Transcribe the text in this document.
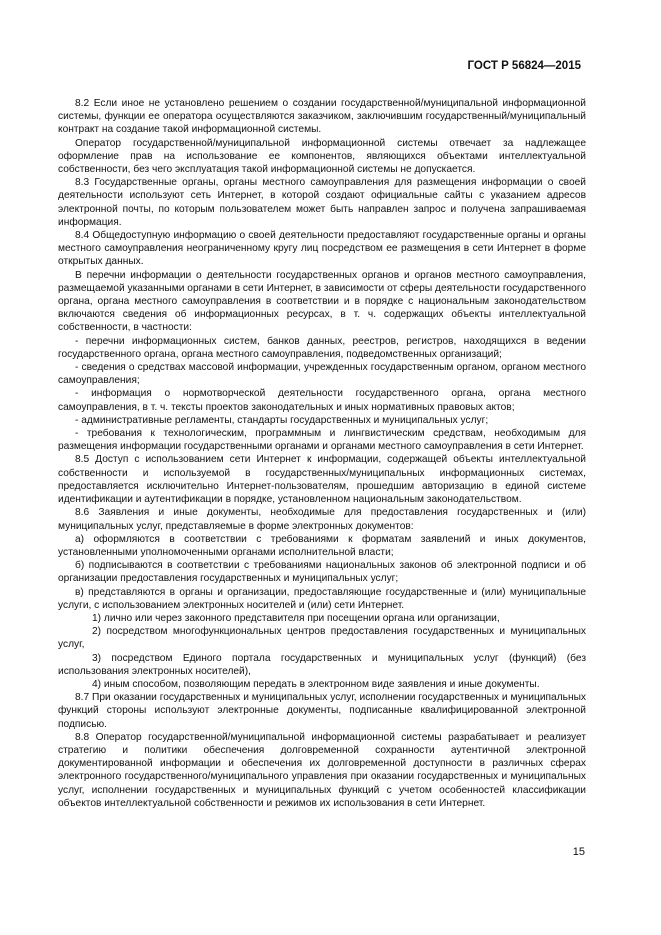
ГОСТ Р 56824—2015

8.2 Если иное не установлено решением о создании государственной/муниципальной информационной системы, функции ее оператора осуществляются заказчиком, заключившим государственный/муниципальный контракт на создание такой информационной системы.

Оператор государственной/муниципальной информационной системы отвечает за надлежащее оформление прав на использование ее компонентов, являющихся объектами интеллектуальной собственности, без чего эксплуатация такой информационной системы не допускается.

8.3 Государственные органы, органы местного самоуправления для размещения информации о своей деятельности используют сеть Интернет, в которой создают официальные сайты с указанием адресов электронной почты, по которым пользователем может быть направлен запрос и получена запрашиваемая информация.

8.4 Общедоступную информацию о своей деятельности предоставляют государственные органы и органы местного самоуправления неограниченному кругу лиц посредством ее размещения в сети Интернет в форме открытых данных.

В перечни информации о деятельности государственных органов и органов местного самоуправления, размещаемой указанными органами в сети Интернет, в зависимости от сферы деятельности государственного органа, органа местного самоуправления в соответствии и в порядке с национальным законодательством включаются сведения об информационных ресурсах, в т. ч. содержащих объекты интеллектуальной собственности, в частности:

- перечни информационных систем, банков данных, реестров, регистров, находящихся в ведении государственного органа, органа местного самоуправления, подведомственных организаций;

- сведения о средствах массовой информации, учрежденных государственным органом, органом местного самоуправления;

- информация о нормотворческой деятельности государственного органа, органа местного самоуправления, в т. ч. тексты проектов законодательных и иных нормативных правовых актов;

- административные регламенты, стандарты государственных и муниципальных услуг;

- требования к технологическим, программным и лингвистическим средствам, необходимым для размещения информации государственными органами и органами местного самоуправления в сети Интернет.

8.5 Доступ с использованием сети Интернет к информации, содержащей объекты интеллектуальной собственности и используемой в государственных/муниципальных информационных системах, предоставляется исключительно Интернет-пользователям, прошедшим авторизацию в единой системе идентификации и аутентификации в порядке, установленном национальным законодательством.

8.6 Заявления и иные документы, необходимые для предоставления государственных и (или) муниципальных услуг, представляемые в форме электронных документов:

а) оформляются в соответствии с требованиями к форматам заявлений и иных документов, установленными уполномоченными органами исполнительной власти;

б) подписываются в соответствии с требованиями национальных законов об электронной подписи и об организации предоставления государственных и муниципальных услуг;

в) представляются в органы и организации, предоставляющие государственные и (или) муниципальные услуги, с использованием электронных носителей и (или) сети Интернет.

1) лично или через законного представителя при посещении органа или организации,

2) посредством многофункциональных центров предоставления государственных и муниципальных услуг,

3) посредством Единого портала государственных и муниципальных услуг (функций) (без использования электронных носителей),

4) иным способом, позволяющим передать в электронном виде заявления и иные документы.

8.7 При оказании государственных и муниципальных услуг, исполнении государственных и муниципальных функций стороны используют электронные документы, подписанные квалифицированной электронной подписью.

8.8 Оператор государственной/муниципальной информационной системы разрабатывает и реализует стратегию и политики обеспечения долговременной сохранности аутентичной электронной документированной информации и обеспечения их долговременной доступности в различных сферах электронного государственного/муниципального управления при оказании государственных и муниципальных услуг, исполнении государственных и муниципальных функций с учетом особенностей классификации объектов интеллектуальной собственности и режимов их использования в сети Интернет.

15
